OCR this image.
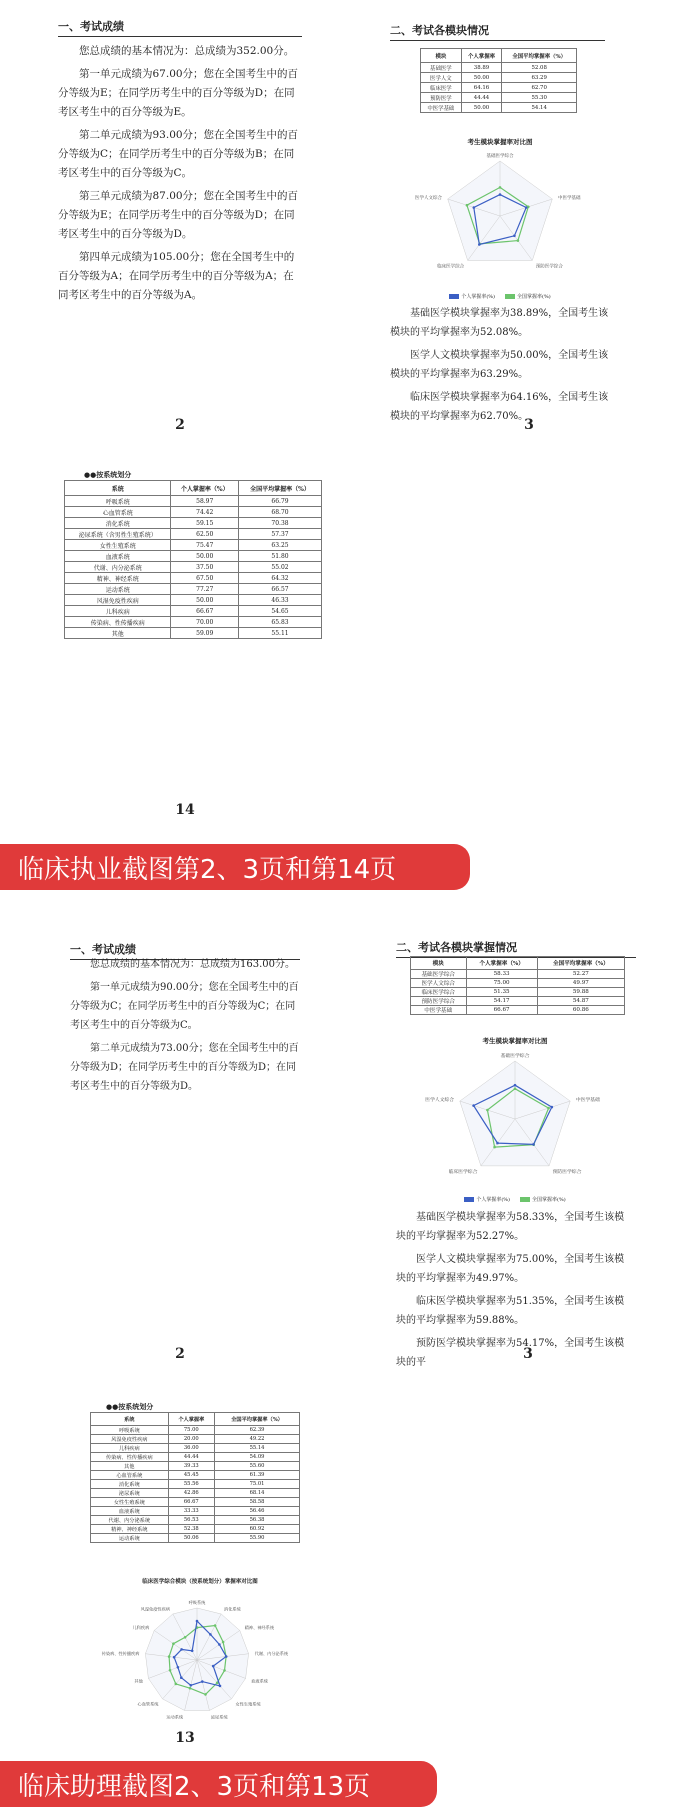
一、考试成绩

您总成绩的基本情况为：总成绩为352.00分。

第一单元成绩为67.00分；您在全国考生中的百分等级为E；在同学历考生中的百分等级为D；在同考区考生中的百分等级为E。

第二单元成绩为93.00分；您在全国考生中的百分等级为C；在同学历考生中的百分等级为B；在同考区考生中的百分等级为C。

第三单元成绩为87.00分；您在全国考生中的百分等级为E；在同学历考生中的百分等级为D；在同考区考生中的百分等级为D。

第四单元成绩为105.00分；您在全国考生中的百分等级为A；在同学历考生中的百分等级为A；在同考区考生中的百分等级为A。

2
二、考试各模块情况
模块	个人掌握率	全国平均掌握率（%）
基础医学	38.89	52.08
医学人文	50.00	63.29
临床医学	64.16	62.70
预防医学	44.44	55.30
中医学基础	50.00	54.14
考生模块掌握率对比图
基础医学综合
中医学基础
预防医学综合
临床医学综合
医学人文综合
个人掌握率(%)	全国掌握率(%)

基础医学模块掌握率为38.89%，全国考生该模块的平均掌握率为52.08%。

医学人文模块掌握率为50.00%，全国考生该模块的平均掌握率为63.29%。

临床医学模块掌握率为64.16%，全国考生该模块的平均掌握率为62.70%。

3
●●按系统划分
系统	个人掌握率（%）	全国平均掌握率（%）
呼吸系统	58.97	66.79
心血管系统	74.42	68.70
消化系统	59.15	70.38
泌尿系统（含男性生殖系统）	62.50	57.37
女性生殖系统	75.47	63.25
血液系统	50.00	51.80
代谢、内分泌系统	37.50	55.02
精神、神经系统	67.50	64.32
运动系统	77.27	66.57
风湿免疫性疾病	50.00	46.33
儿科疾病	66.67	54.65
传染病、性传播疾病	70.00	65.83
其他	59.09	55.11
14
临床执业截图第2、3页和第14页
一、考试成绩

您总成绩的基本情况为：总成绩为163.00分。

第一单元成绩为90.00分；您在全国考生中的百分等级为C；在同学历考生中的百分等级为C；在同考区考生中的百分等级为C。

第二单元成绩为73.00分；您在全国考生中的百分等级为D；在同学历考生中的百分等级为D；在同考区考生中的百分等级为D。

2
二、考试各模块掌握情况
模块	个人掌握率（%）	全国平均掌握率（%）
基础医学综合	58.33	52.27
医学人文综合	75.00	49.97
临床医学综合	51.35	59.88
预防医学综合	54.17	54.87
中医学基础	66.67	60.86
考生模块掌握率对比图
基础医学综合
中医学基础
预防医学综合
临床医学综合
医学人文综合
个人掌握率(%)	全国掌握率(%)

基础医学模块掌握率为58.33%，全国考生该模块的平均掌握率为52.27%。

医学人文模块掌握率为75.00%，全国考生该模块的平均掌握率为49.97%。

临床医学模块掌握率为51.35%，全国考生该模块的平均掌握率为59.88%。

预防医学模块掌握率为54.17%，全国考生该模块的平

3
●●按系统划分
系统	个人掌握率	全国平均掌握率（%）
呼吸系统	75.00	62.39
风湿免疫性疾病	20.00	49.22
儿科疾病	36.00	55.14
传染病、性传播疾病	44.44	54.09
其他	39.33	55.60
心血管系统	45.45	61.39
消化系统	55.56	75.01
泌尿系统	42.86	68.14
女性生殖系统	66.67	58.58
血液系统	33.33	56.46
代谢、内分泌系统	56.53	56.38
精神、神经系统	52.38	60.92
运动系统	50.06	55.90
临床医学综合模块（按系统划分）掌握率对比图
呼吸系统
消化系统
精神、神经系统
代谢、内分泌系统
血液系统
女性生殖系统
泌尿系统
运动系统
心血管系统
其他
传染病、性传播疾病
儿科疾病
风湿免疫性疾病
13
临床助理截图2、3页和第13页
